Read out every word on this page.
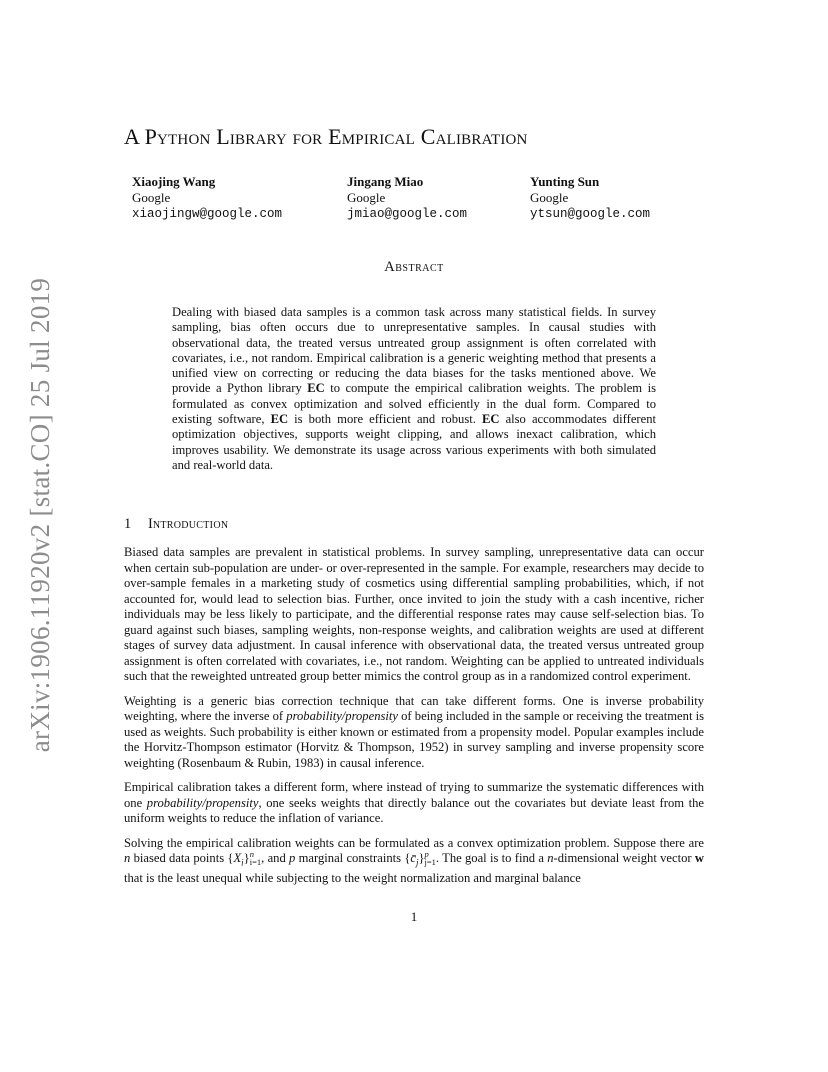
arXiv:1906.11920v2 [stat.CO] 25 Jul 2019
A Python Library for Empirical Calibration
Xiaojing Wang
Google
xiaojingw@google.com
Jingang Miao
Google
jmiao@google.com
Yunting Sun
Google
ytsun@google.com
Abstract
Dealing with biased data samples is a common task across many statistical fields. In survey sampling, bias often occurs due to unrepresentative samples. In causal studies with observational data, the treated versus untreated group assignment is often correlated with covariates, i.e., not random. Empirical calibration is a generic weighting method that presents a unified view on correcting or reducing the data biases for the tasks mentioned above. We provide a Python library EC to compute the empirical calibration weights. The problem is formulated as convex optimization and solved efficiently in the dual form. Compared to existing software, EC is both more efficient and robust. EC also accommodates different optimization objectives, supports weight clipping, and allows inexact calibration, which improves usability. We demonstrate its usage across various experiments with both simulated and real-world data.
1 Introduction

Biased data samples are prevalent in statistical problems. In survey sampling, unrepresentative data can occur when certain sub-population are under- or over-represented in the sample. For example, researchers may decide to over-sample females in a marketing study of cosmetics using differential sampling probabilities, which, if not accounted for, would lead to selection bias. Further, once invited to join the study with a cash incentive, richer individuals may be less likely to participate, and the differential response rates may cause self-selection bias. To guard against such biases, sampling weights, non-response weights, and calibration weights are used at different stages of survey data adjustment. In causal inference with observational data, the treated versus untreated group assignment is often correlated with covariates, i.e., not random. Weighting can be applied to untreated individuals such that the reweighted untreated group better mimics the control group as in a randomized control experiment.

Weighting is a generic bias correction technique that can take different forms. One is inverse probability weighting, where the inverse of probability/propensity of being included in the sample or receiving the treatment is used as weights. Such probability is either known or estimated from a propensity model. Popular examples include the Horvitz-Thompson estimator (Horvitz & Thompson, 1952) in survey sampling and inverse propensity score weighting (Rosenbaum & Rubin, 1983) in causal inference.

Empirical calibration takes a different form, where instead of trying to summarize the systematic differences with one probability/propensity, one seeks weights that directly balance out the covariates but deviate least from the uniform weights to reduce the inflation of variance.

Solving the empirical calibration weights can be formulated as a convex optimization problem. Suppose there are n biased data points $\{X_i\}n$
i=1, and p marginal constraints $\{c̄_j\}p$
j=1. The goal is to find a n-dimensional weight vector w that is the least unequal while subjecting to the weight normalization and marginal balance

1
